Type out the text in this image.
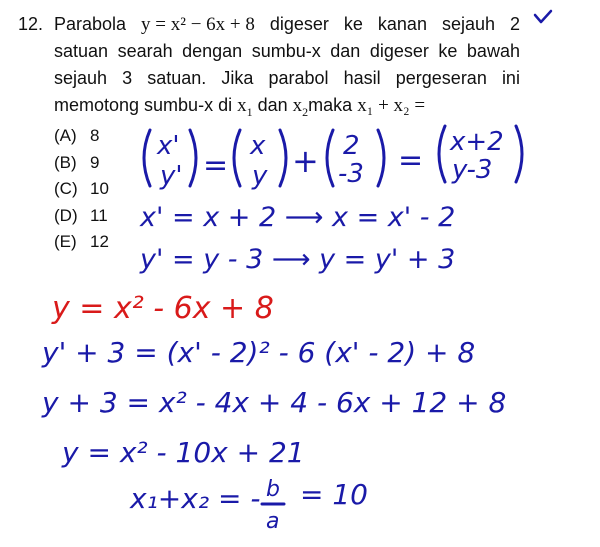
12. Parabola y = x² − 6x + 8 digeser ke kanan sejauh 2
satuan searah dengan sumbu-x dan digeser ke bawah
sejauh 3 satuan. Jika parabol hasil pergeseran ini
memotong sumbu-x di $x_1$ dan $x_2maka$ x₁ + x₂ =
(A) 8
(B) 9
(C) 10
(D) 11
(E) 12
x'
y' =
x
y + 2
-3 =
x+2
y-3
x' = x + 2 ⟶ x = x' - 2
y' = y - 3 ⟶ y = y' + 3
y = x² - 6x + 8
y' + 3 = (x' - 2)² - 6 (x' - 2) + 8
y + 3 = x² - 4x + 4 - 6x + 12 + 8
y = x² - 10x + 21
x₁+x₂ = - b
a
= 10
